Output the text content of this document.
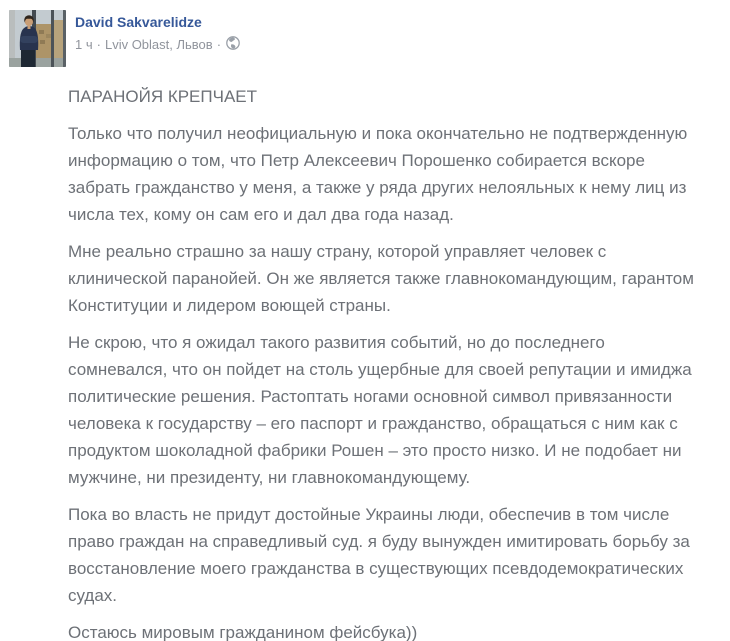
David Sakvarelidze
1 ч · Lviv Oblast, Львов ·

ПАРАНОЙЯ КРЕПЧАЕТ

Только что получил неофициальную и пока окончательно не подтвержденную информацию о том, что Петр Алексеевич Порошенко собирается вскоре забрать гражданство у меня, а также у ряда других нелояльных к нему лиц из числа тех, кому он сам его и дал два года назад.

Мне реально страшно за нашу страну, которой управляет человек с клинической паранойей. Он же является также главнокомандующим, гарантом Конституции и лидером воющей страны.

Не скрою, что я ожидал такого развития событий, но до последнего сомневался, что он пойдет на столь ущербные для своей репутации и имиджа политические решения. Растоптать ногами основной символ привязанности человека к государству – его паспорт и гражданство, обращаться с ним как с продуктом шоколадной фабрики Рошен – это просто низко. И не подобает ни мужчине, ни президенту, ни главнокомандующему.

Пока во власть не придут достойные Украины люди, обеспечив в том числе право граждан на справедливый суд. я буду вынужден имитировать борьбу за восстановление моего гражданства в существующих псевдодемократических судах.

Остаюсь мировым гражданином фейсбука))
